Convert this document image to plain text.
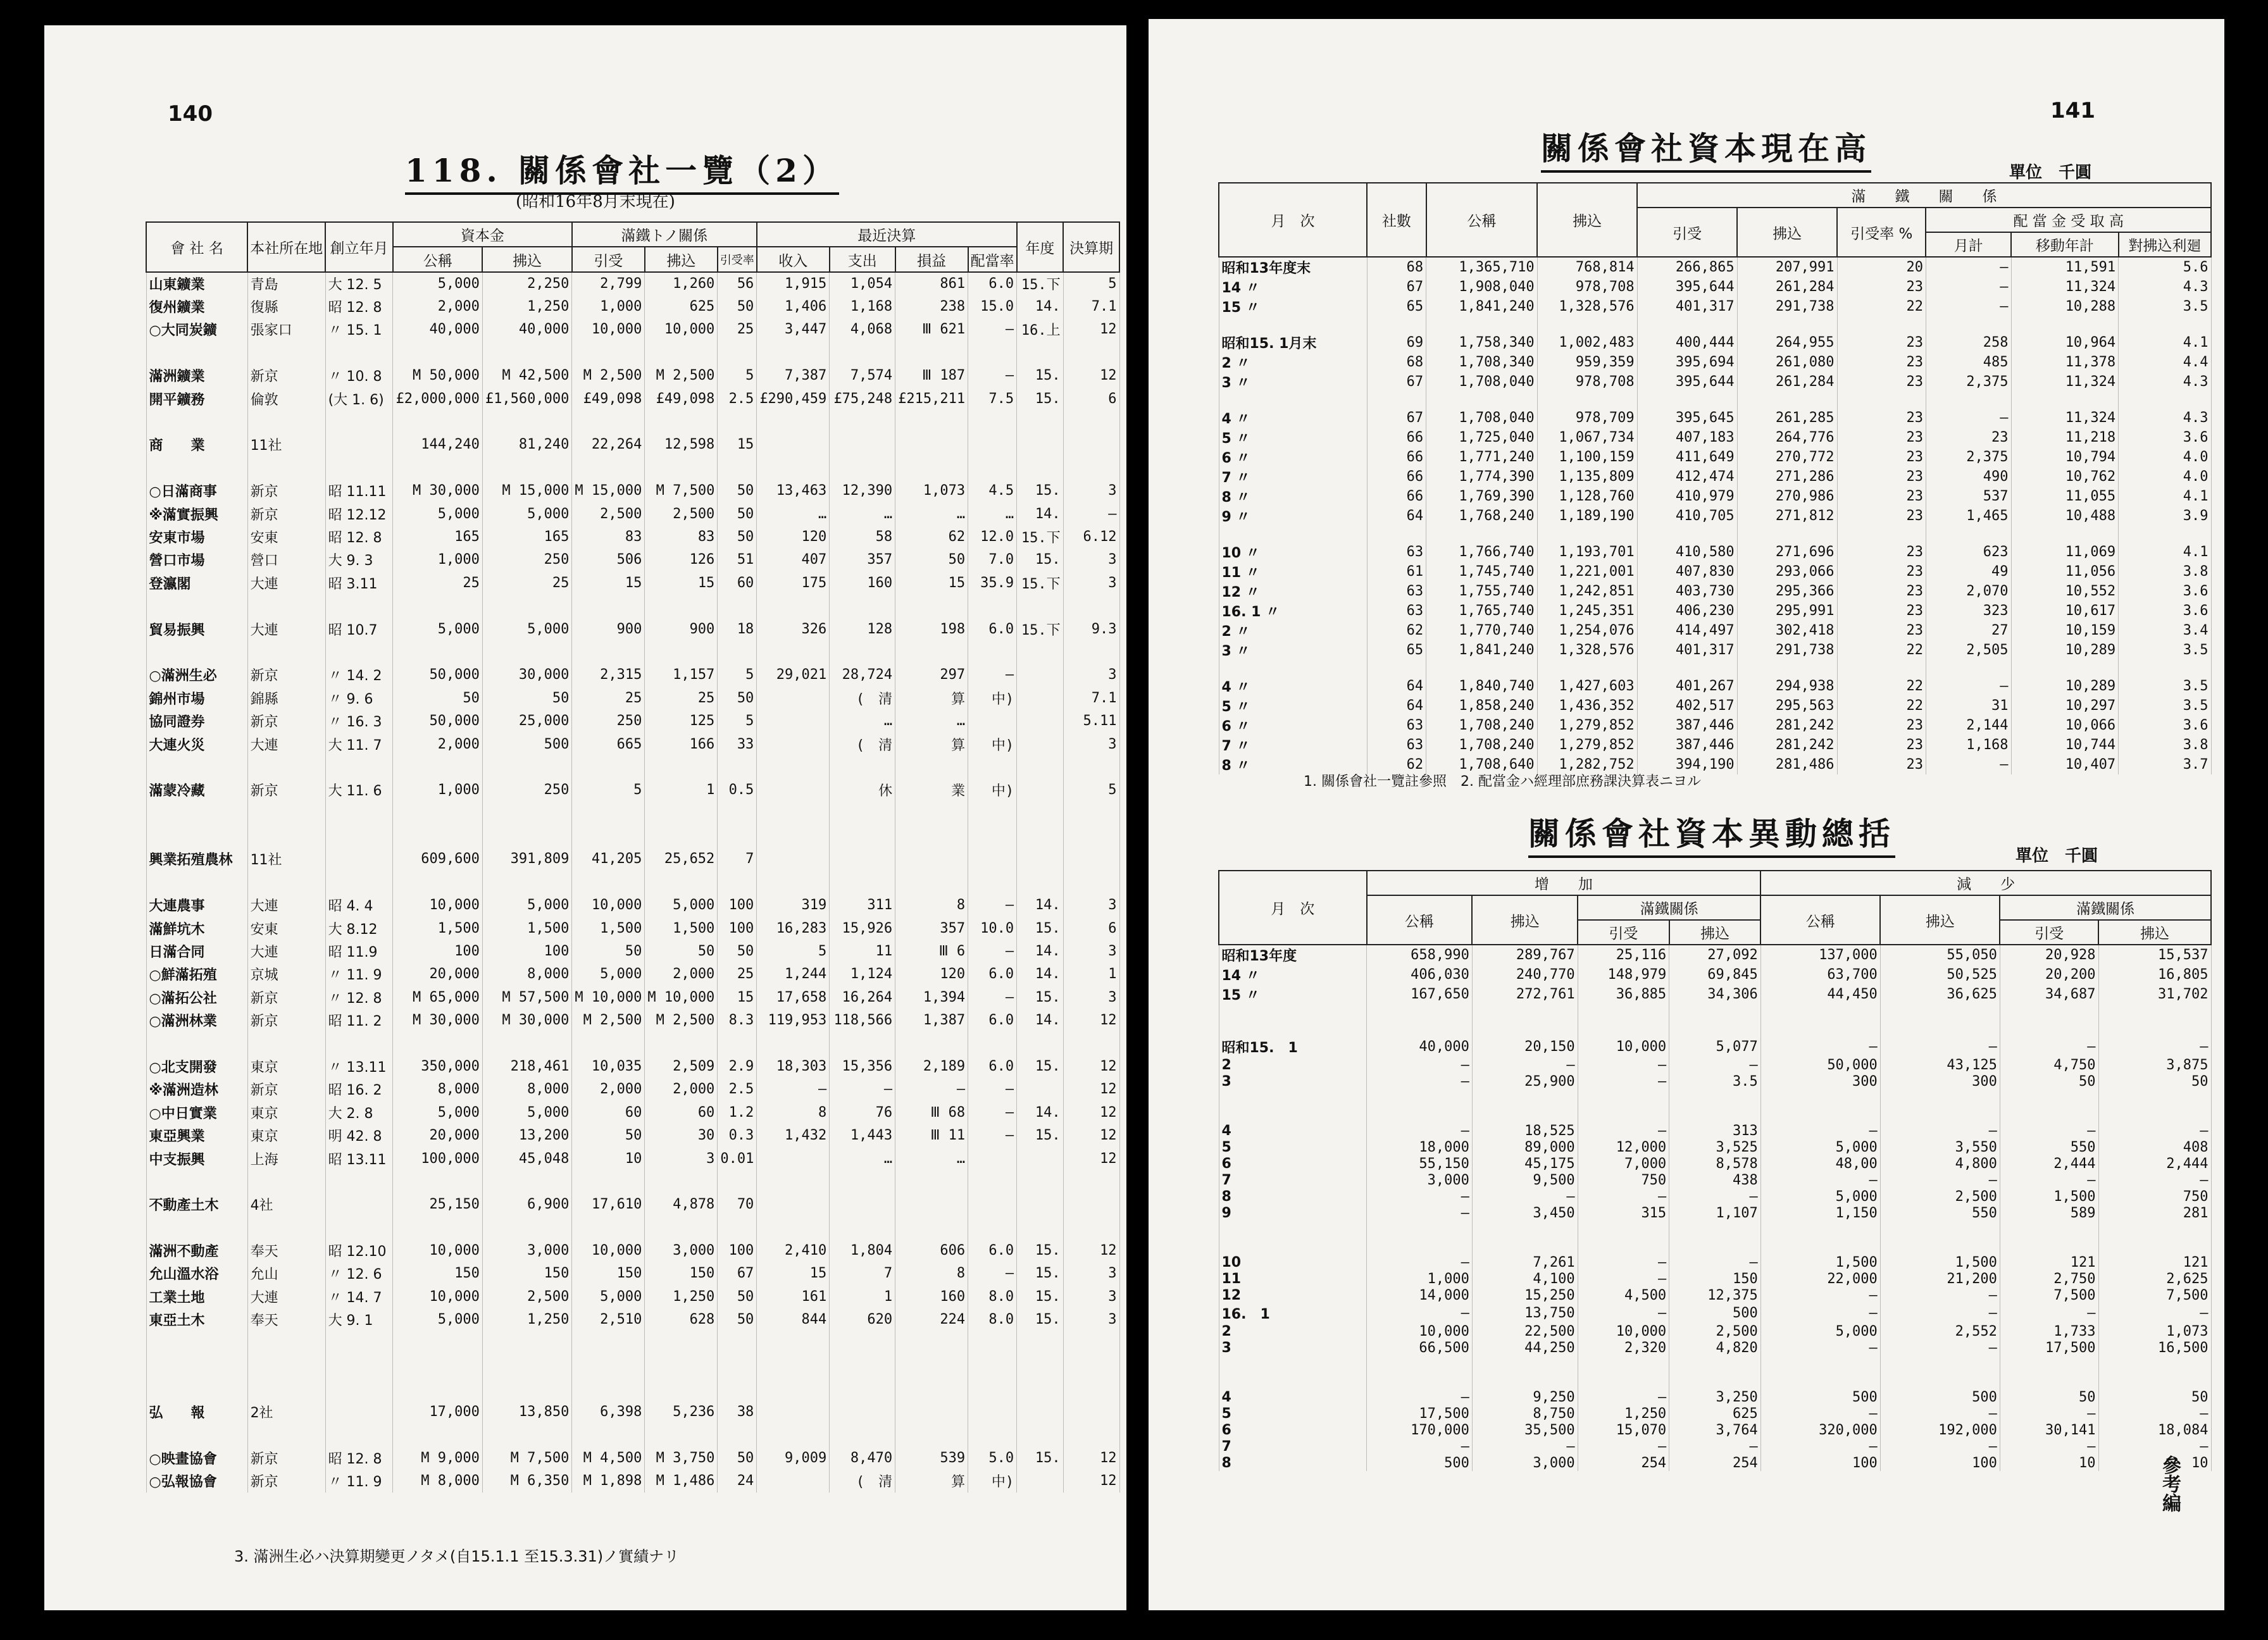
140
118. 關係會社一覽（2）
(昭和16年8月末現在)
會 社 名	本社所在地	創立年月	資本金		滿鐵トノ關係			最近決算				年度	決算期
			公稱	拂込	引受	拂込	引受率	收入	支出	損益	配當率		
山東鑛業	青島	大 12. 5	5,000	2,250	2,799	1,260	56	1,915	1,054	861	6.0	15.下	5
復州鑛業	復縣	昭 12. 8	2,000	1,250	1,000	625	50	1,406	1,168	238	15.0	14.	7.1
○大同炭鑛	張家口	〃 15. 1	40,000	40,000	10,000	10,000	25	3,447	4,068	Ⅲ 621	—	16.上	12

滿洲鑛業	新京	〃 10. 8	M 50,000	M 42,500	M 2,500	M 2,500	5	7,387	7,574	Ⅲ 187	—	15.	12
開平鑛務	倫敦	(大 1. 6)	£2,000,000	£1,560,000	£49,098	£49,098	2.5	£290,459	£75,248	£215,211	7.5	15.	6

商　　業	11社		144,240	81,240	22,264	12,598	15						

○日滿商事	新京	昭 11.11	M 30,000	M 15,000	M 15,000	M 7,500	50	13,463	12,390	1,073	4.5	15.	3
※滿實振興	新京	昭 12.12	5,000	5,000	2,500	2,500	50	…	…	…	…	14.	—
安東市場	安東	昭 12. 8	165	165	83	83	50	120	58	62	12.0	15.下	6.12
營口市場	營口	大 9. 3	1,000	250	506	126	51	407	357	50	7.0	15.	3
登瀛閣	大連	昭 3.11	25	25	15	15	60	175	160	15	35.9	15.下	3

貿易振興	大連	昭 10.7	5,000	5,000	900	900	18	326	128	198	6.0	15.下	9.3

○滿洲生必	新京	〃 14. 2	50,000	30,000	2,315	1,157	5	29,021	28,724	297	—		3
錦州市場	錦縣	〃 9. 6	50	50	25	25	50		(　清	算	中)		7.1
協同證券	新京	〃 16. 3	50,000	25,000	250	125	5		…	…			5.11
大連火災	大連	大 11. 7	2,000	500	665	166	33		(　清	算	中)		3

滿蒙冷藏	新京	大 11. 6	1,000	250	5	1	0.5		休	業	中)		5

興業拓殖農林	11社		609,600	391,809	41,205	25,652	7						

大連農事	大連	昭 4. 4	10,000	5,000	10,000	5,000	100	319	311	8	—	14.	3
滿鮮坑木	安東	大 8.12	1,500	1,500	1,500	1,500	100	16,283	15,926	357	10.0	15.	6
日滿合同	大連	昭 11.9	100	100	50	50	50	5	11	Ⅲ 6	—	14.	3
○鮮滿拓殖	京城	〃 11. 9	20,000	8,000	5,000	2,000	25	1,244	1,124	120	6.0	14.	1
○滿拓公社	新京	〃 12. 8	M 65,000	M 57,500	M 10,000	M 10,000	15	17,658	16,264	1,394	—	15.	3
○滿洲林業	新京	昭 11. 2	M 30,000	M 30,000	M 2,500	M 2,500	8.3	119,953	118,566	1,387	6.0	14.	12

○北支開發	東京	〃 13.11	350,000	218,461	10,035	2,509	2.9	18,303	15,356	2,189	6.0	15.	12
※滿洲造林	新京	昭 16. 2	8,000	8,000	2,000	2,000	2.5	—	—	—	—		12
○中日實業	東京	大 2. 8	5,000	5,000	60	60	1.2	8	76	Ⅲ 68	—	14.	12
東亞興業	東京	明 42. 8	20,000	13,200	50	30	0.3	1,432	1,443	Ⅲ 11	—	15.	12
中支振興	上海	昭 13.11	100,000	45,048	10	3	0.01		…	…			12

不動產土木	4社		25,150	6,900	17,610	4,878	70						

滿洲不動產	奉天	昭 12.10	10,000	3,000	10,000	3,000	100	2,410	1,804	606	6.0	15.	12
允山溫水浴	允山	〃 12. 6	150	150	150	150	67	15	7	8	—	15.	3
工業土地	大連	〃 14. 7	10,000	2,500	5,000	1,250	50	161	1	160	8.0	15.	3
東亞土木	奉天	大 9. 1	5,000	1,250	2,510	628	50	844	620	224	8.0	15.	3

弘　　報	2社		17,000	13,850	6,398	5,236	38						

○映畫協會	新京	昭 12. 8	M 9,000	M 7,500	M 4,500	M 3,750	50	9,009	8,470	539	5.0	15.	12
○弘報協會	新京	〃 11. 9	M 8,000	M 6,350	M 1,898	M 1,486	24		(　清	算	中)		12
3. 滿洲生必ハ決算期變更ノタメ(自15.1.1 至15.3.31)ノ實績ナリ
141
關係會社資本現在高
單位　千圓
月　次	社數	公稱	拂込	滿　　鐵　　關　　係					
				引受	拂込	引受率 %	配 當 金 受 取 高		
							月計	移動年計	對拂込利廻
昭和13年度末	68	1,365,710	768,814	266,865	207,991	20	—	11,591	5.6
14 〃	67	1,908,040	978,708	395,644	261,284	23	—	11,324	4.3
15 〃	65	1,841,240	1,328,576	401,317	291,738	22	—	10,288	3.5

昭和15. 1月末	69	1,758,340	1,002,483	400,444	264,955	23	258	10,964	4.1
2 〃	68	1,708,340	959,359	395,694	261,080	23	485	11,378	4.4
3 〃	67	1,708,040	978,708	395,644	261,284	23	2,375	11,324	4.3

4 〃	67	1,708,040	978,709	395,645	261,285	23	—	11,324	4.3
5 〃	66	1,725,040	1,067,734	407,183	264,776	23	23	11,218	3.6
6 〃	66	1,771,240	1,100,159	411,649	270,772	23	2,375	10,794	4.0
7 〃	66	1,774,390	1,135,809	412,474	271,286	23	490	10,762	4.0
8 〃	66	1,769,390	1,128,760	410,979	270,986	23	537	11,055	4.1
9 〃	64	1,768,240	1,189,190	410,705	271,812	23	1,465	10,488	3.9

10 〃	63	1,766,740	1,193,701	410,580	271,696	23	623	11,069	4.1
11 〃	61	1,745,740	1,221,001	407,830	293,066	23	49	11,056	3.8
12 〃	63	1,755,740	1,242,851	403,730	295,366	23	2,070	10,552	3.6
16. 1 〃	63	1,765,740	1,245,351	406,230	295,991	23	323	10,617	3.6
2 〃	62	1,770,740	1,254,076	414,497	302,418	23	27	10,159	3.4
3 〃	65	1,841,240	1,328,576	401,317	291,738	22	2,505	10,289	3.5

4 〃	64	1,840,740	1,427,603	401,267	294,938	22	—	10,289	3.5
5 〃	64	1,858,240	1,436,352	402,517	295,563	22	31	10,297	3.5
6 〃	63	1,708,240	1,279,852	387,446	281,242	23	2,144	10,066	3.6
7 〃	63	1,708,240	1,279,852	387,446	281,242	23	1,168	10,744	3.8
8 〃	62	1,708,640	1,282,752	394,190	281,486	23	—	10,407	3.7
1. 關係會社一覽註參照　2. 配當金ハ經理部庶務課決算表ニヨル
關係會社資本異動總括
單位　千圓
月　次	增　　加				減　　少			
	公稱	拂込	滿鐵關係		公稱	拂込	滿鐵關係	
			引受	拂込			引受	拂込
昭和13年度	658,990	289,767	25,116	27,092	137,000	55,050	20,928	15,537
14 〃	406,030	240,770	148,979	69,845	63,700	50,525	20,200	16,805
15 〃	167,650	272,761	36,885	34,306	44,450	36,625	34,687	31,702

昭和15.　1	40,000	20,150	10,000	5,077	—	—	—	—
2	—	—	—	—	50,000	43,125	4,750	3,875
3	—	25,900	—	3.5	300	300	50	50

4	—	18,525	—	313	—	—	—	—
5	18,000	89,000	12,000	3,525	5,000	3,550	550	408
6	55,150	45,175	7,000	8,578	48,00	4,800	2,444	2,444
7	3,000	9,500	750	438	—	—	—	—
8	—	—	—	—	5,000	2,500	1,500	750
9	—	3,450	315	1,107	1,150	550	589	281

10	—	7,261	—	—	1,500	1,500	121	121
11	1,000	4,100	—	150	22,000	21,200	2,750	2,625
12	14,000	15,250	4,500	12,375	—	—	7,500	7,500
16.　1	—	13,750	—	500	—	—	—	—
2	10,000	22,500	10,000	2,500	5,000	2,552	1,733	1,073
3	66,500	44,250	2,320	4,820	—	—	17,500	16,500

4	—	9,250	—	3,250	500	500	50	50
5	17,500	8,750	1,250	625	—	—	—	—
6	170,000	35,500	15,070	3,764	320,000	192,000	30,141	18,084
7	—	—	—	—	—	—	—	—
8	500	3,000	254	254	100	100	10	10
參考編
